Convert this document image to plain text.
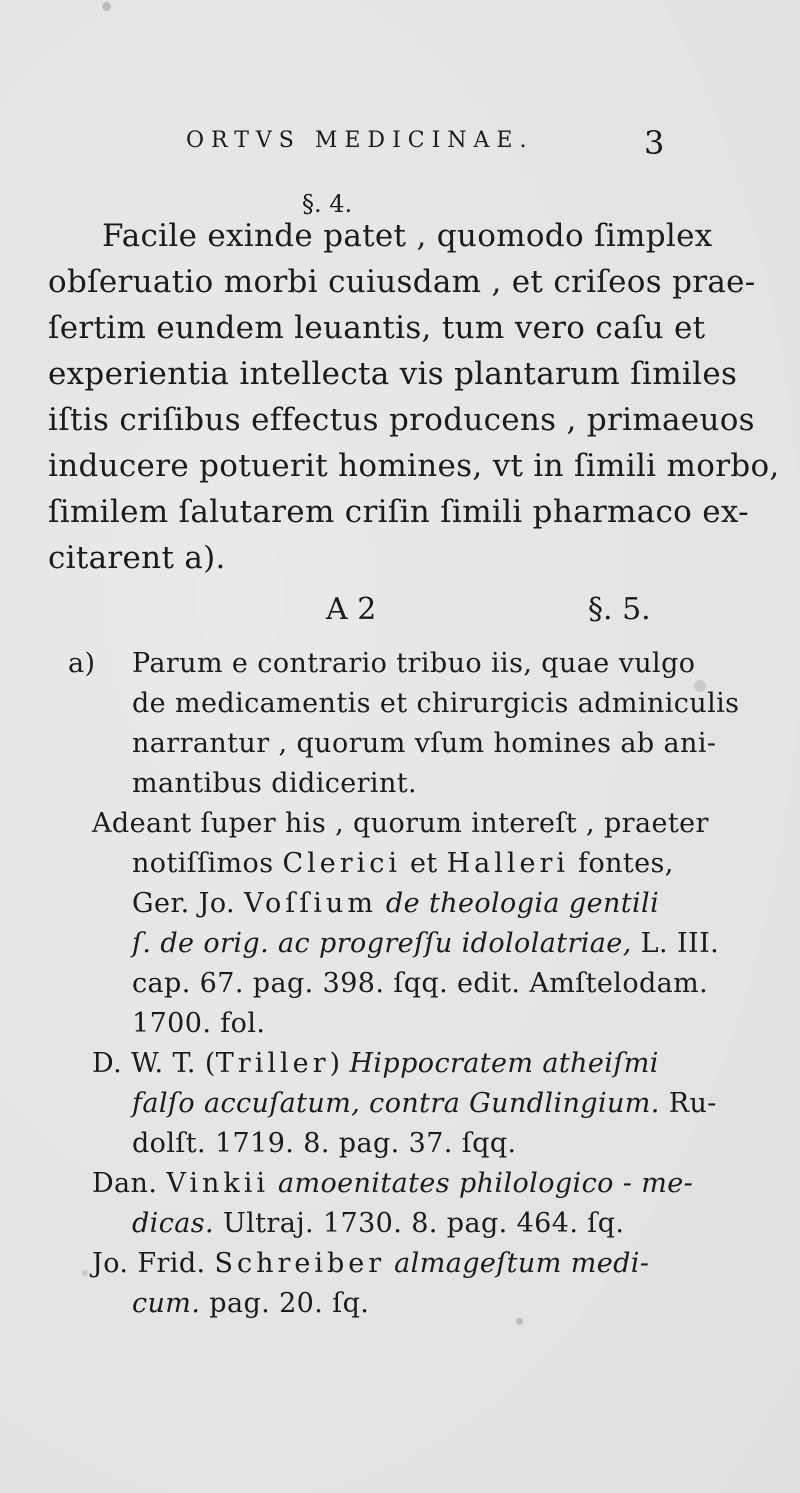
ORTVS MEDICINAE.	3
§. 4.
Facile exinde patet , quomodo ſimplex
obſeruatio morbi cuiusdam , et criſeos prae-
ſertim eundem leuantis, tum vero caſu et
experientia intellecta vis plantarum ſimiles
iſtis criſibus effectus producens , primaeuos
inducere potuerit homines, vt in ſimili morbo,
ſimilem ſalutarem criſin ſimili pharmaco ex-
citarent a).
A 2	§. 5.
a) Parum e contrario tribuo iis, quae vulgo
de medicamentis et chirurgicis adminiculis
narrantur , quorum vſum homines ab ani-
mantibus didicerint.
Adeant ſuper his , quorum intereſt , praeter
notiſſimos Clerici et Halleri fontes,
Ger. Jo. Voſſium de theologia gentili
ſ. de orig. ac progreſſu idololatriae, L. III.
cap. 67. pag. 398. ſqq. edit. Amſtelodam.
1700. fol.
D. W. T. (Triller) Hippocratem atheiſmi
falſo accuſatum, contra Gundlingium. Ru-
dolſt. 1719. 8. pag. 37. ſqq.
Dan. Vinkii amoenitates philologico - me-
dicas. Ultraj. 1730. 8. pag. 464. ſq.
Jo. Frid. Schreiber almageſtum medi-
cum. pag. 20. ſq.
